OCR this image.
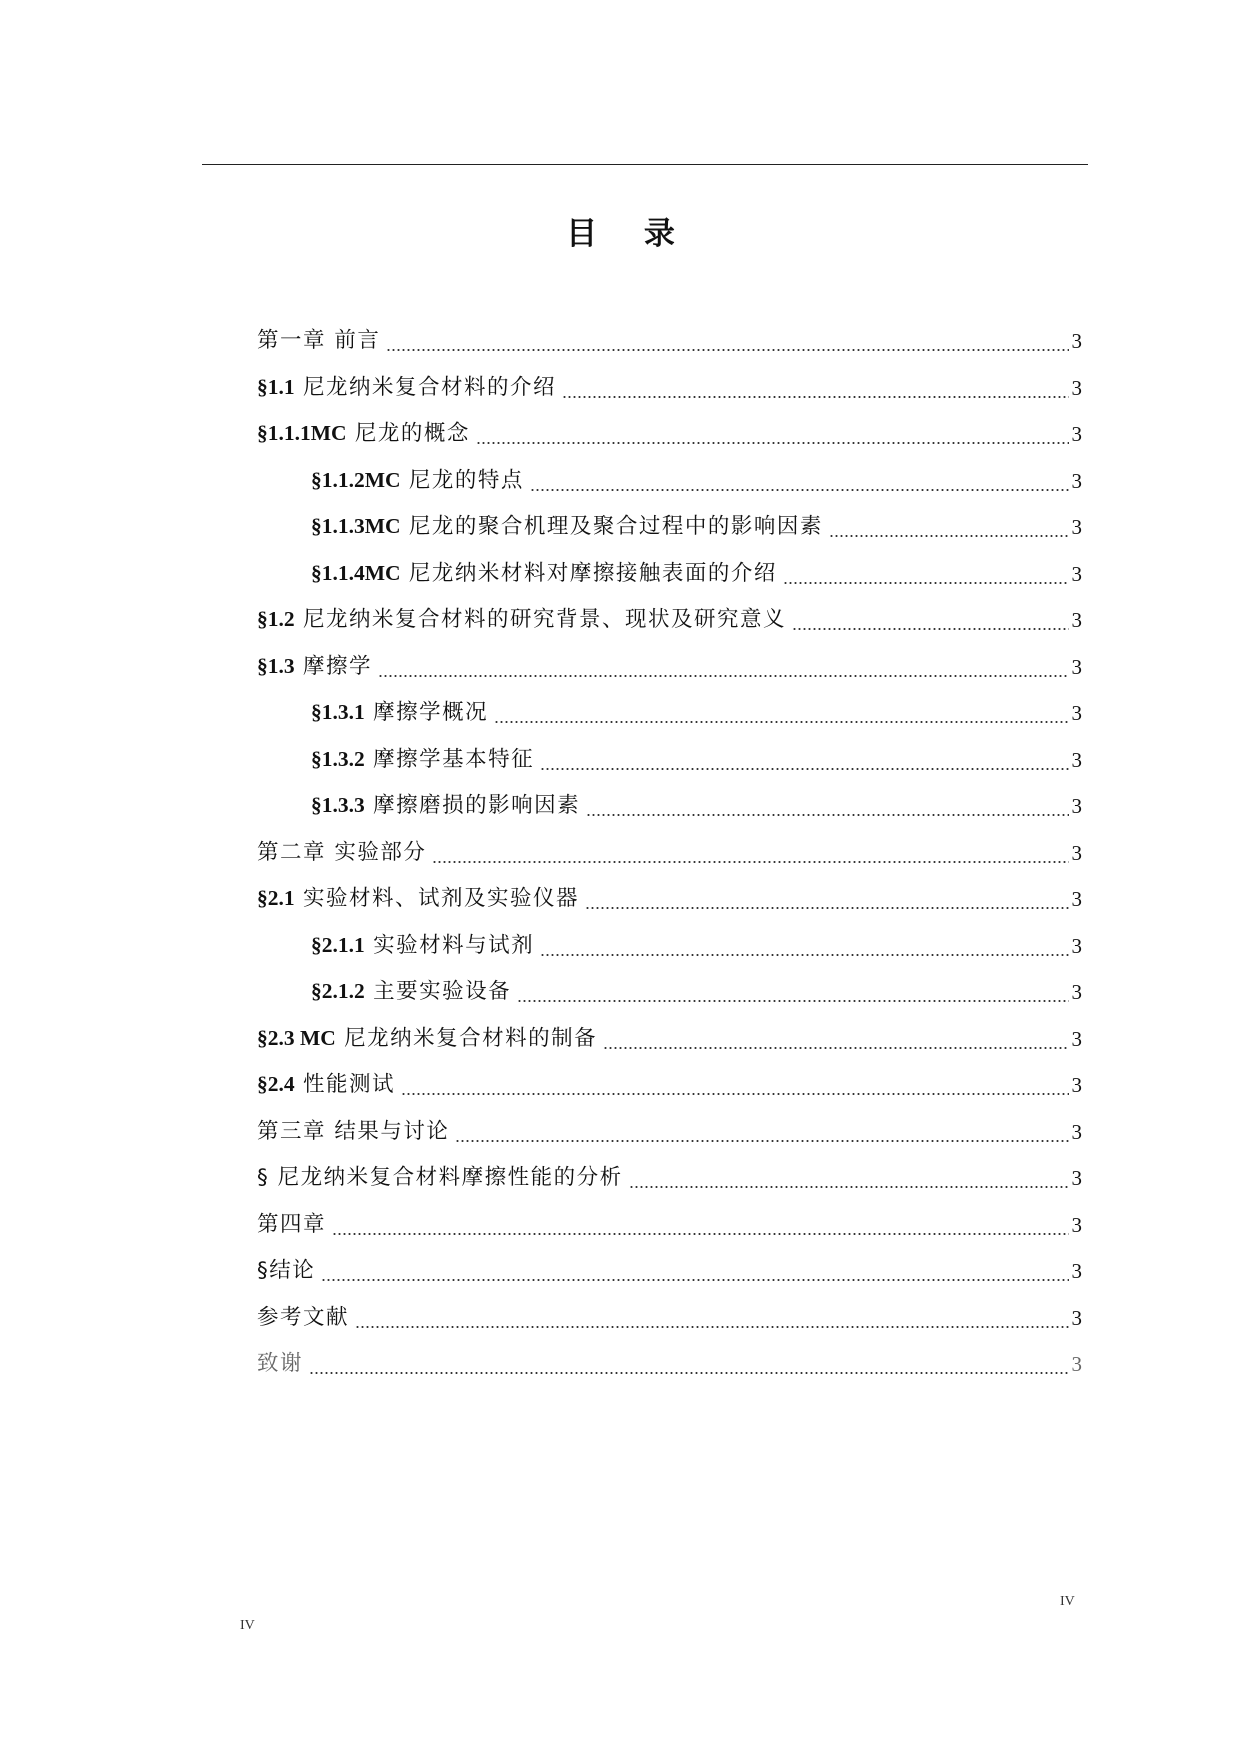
目 录
第一章 前言	3
§1.1 尼龙纳米复合材料的介绍	3
§1.1.1MC 尼龙的概念	3
§1.1.2MC 尼龙的特点	3
§1.1.3MC 尼龙的聚合机理及聚合过程中的影响因素	3
§1.1.4MC 尼龙纳米材料对摩擦接触表面的介绍	3
§1.2 尼龙纳米复合材料的研究背景、现状及研究意义	3
§1.3 摩擦学	3
§1.3.1 摩擦学概况	3
§1.3.2 摩擦学基本特征	3
§1.3.3 摩擦磨损的影响因素	3
第二章 实验部分	3
§2.1 实验材料、试剂及实验仪器	3
§2.1.1 实验材料与试剂	3
§2.1.2 主要实验设备	3
§2.3 MC 尼龙纳米复合材料的制备	3
§2.4 性能测试	3
第三章 结果与讨论	3
§ 尼龙纳米复合材料摩擦性能的分析	3
第四章	3
§结论	3
参考文献	3
致谢	3
IV
IV
